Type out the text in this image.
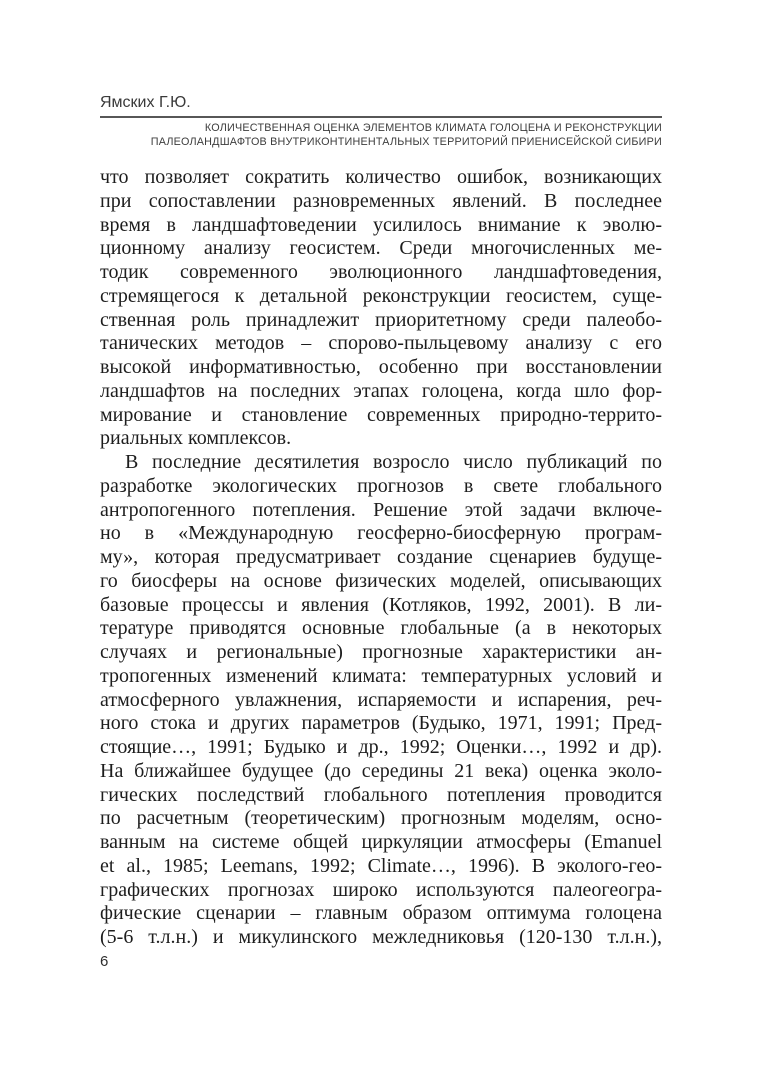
Ямских Г.Ю.
КОЛИЧЕСТВЕННАЯ ОЦЕНКА ЭЛЕМЕНТОВ КЛИМАТА ГОЛОЦЕНА И РЕКОНСТРУКЦИИ
ПАЛЕОЛАНДШАФТОВ ВНУТРИКОНТИНЕНТАЛЬНЫХ ТЕРРИТОРИЙ ПРИЕНИСЕЙСКОЙ СИБИРИ
что позволяет сократить количество ошибок, возникающих
при сопоставлении разновременных явлений. В последнее
время в ландшафтоведении усилилось внимание к эволю-
ционному анализу геосистем. Среди многочисленных ме-
тодик современного эволюционного ландшафтоведения,
стремящегося к детальной реконструкции геосистем, суще-
ственная роль принадлежит приоритетному среди палеобо-
танических методов – спорово-пыльцевому анализу с его
высокой информативностью, особенно при восстановлении
ландшафтов на последних этапах голоцена, когда шло фор-
мирование и становление современных природно-террито-
риальных комплексов.
В последние десятилетия возросло число публикаций по
разработке экологических прогнозов в свете глобального
антропогенного потепления. Решение этой задачи включе-
но в «Международную геосферно-биосферную програм-
му», которая предусматривает создание сценариев будуще-
го биосферы на основе физических моделей, описывающих
базовые процессы и явления (Котляков, 1992, 2001). В ли-
тературе приводятся основные глобальные (а в некоторых
случаях и региональные) прогнозные характеристики ан-
тропогенных изменений климата: температурных условий и
атмосферного увлажнения, испаряемости и испарения, реч-
ного стока и других параметров (Будыко, 1971, 1991; Пред-
стоящие…, 1991; Будыко и др., 1992; Оценки…, 1992 и др).
На ближайшее будущее (до середины 21 века) оценка эколо-
гических последствий глобального потепления проводится
по расчетным (теоретическим) прогнозным моделям, осно-
ванным на системе общей циркуляции атмосферы (Emanuel
et al., 1985; Leemans, 1992; Climate…, 1996). В эколого-гео-
графических прогнозах широко используются палеогеогра-
фические сценарии – главным образом оптимума голоцена
(5-6 т.л.н.) и микулинского межледниковья (120-130 т.л.н.),
6
